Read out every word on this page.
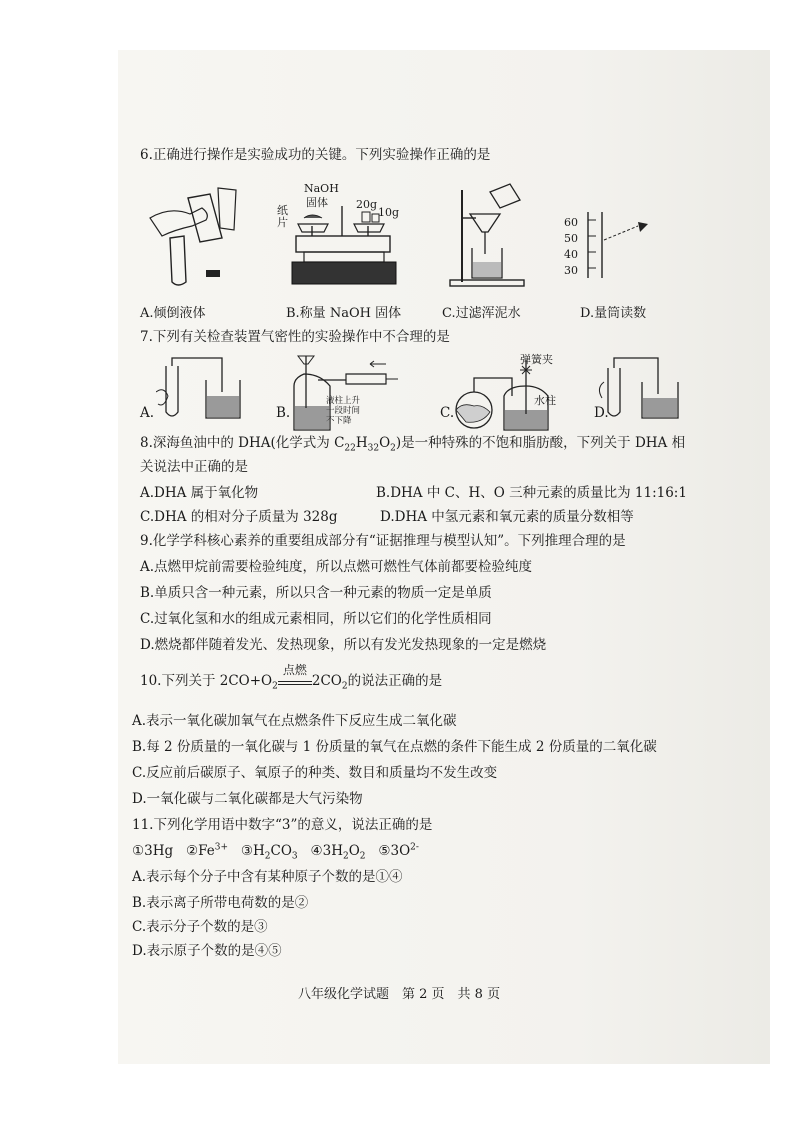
6.正确进行操作是实验成功的关键。下列实验操作正确的是
NaOH
固体
纸
片
20g
10g
60
50
40
30
A.倾倒液体	B.称量 NaOH 固体	C.过滤浑泥水	D.量筒读数
7.下列有关检查装置气密性的实验操作中不合理的是
A.	B.
液柱上升
一段时间
不下降	C.
弹簧夹
水柱
D.
8.深海鱼油中的 DHA(化学式为 $C_{22}H_{32}O_2$)是一种特殊的不饱和脂肪酸，下列关于 DHA 相
关说法中正确的是
A.DHA 属于氧化物	B.DHA 中 C、H、O 三种元素的质量比为 11:16:1
C.DHA 的相对分子质量为 328g	D.DHA 中氢元素和氧元素的质量分数相等
9.化学学科核心素养的重要组成部分有“证据推理与模型认知”。下列推理合理的是
A.点燃甲烷前需要检验纯度，所以点燃可燃性气体前都要检验纯度
B.单质只含一种元素，所以只含一种元素的物质一定是单质
C.过氧化氢和水的组成元素相同，所以它们的化学性质相同
D.燃烧都伴随着发光、发热现象，所以有发光发热现象的一定是燃烧
10.下列关于 $2CO+O_2$
点燃
$2CO_2$的说法正确的是
A.表示一氧化碳加氧气在点燃条件下反应生成二氧化碳
B.每 2 份质量的一氧化碳与 1 份质量的氧气在点燃的条件下能生成 2 份质量的二氧化碳
C.反应前后碳原子、氧原子的种类、数目和质量均不发生改变
D.一氧化碳与二氧化碳都是大气污染物
11.下列化学用语中数字“3”的意义，说法正确的是
①3Hg $②Fe^{3+}$ $③H_2CO_3$ $④3H_2O_2$ $⑤3O^{2-}$
A.表示每个分子中含有某种原子个数的是①④
B.表示离子所带电荷数的是②
C.表示分子个数的是③
D.表示原子个数的是④⑤
八年级化学试题　第 2 页　共 8 页
